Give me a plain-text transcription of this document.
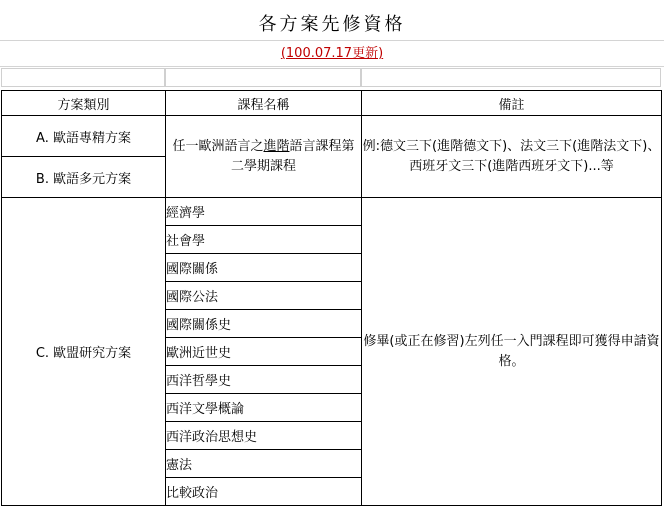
各方案先修資格
(100.07.17更新)
方案類別	課程名稱	備註
A. 歐語專精方案	任一歐洲語言之進階語言課程第二學期課程	例:德文三下(進階德文下)、法文三下(進階法文下)、西班牙文三下(進階西班牙文下)...等
B. 歐語多元方案		
C. 歐盟研究方案	經濟學	修畢(或正在修習)左列任一入門課程即可獲得申請資格。
	社會學	
	國際關係	
	國際公法	
	國際關係史	
	歐洲近世史	
	西洋哲學史	
	西洋文學概論	
	西洋政治思想史	
	憲法	
	比較政治	
